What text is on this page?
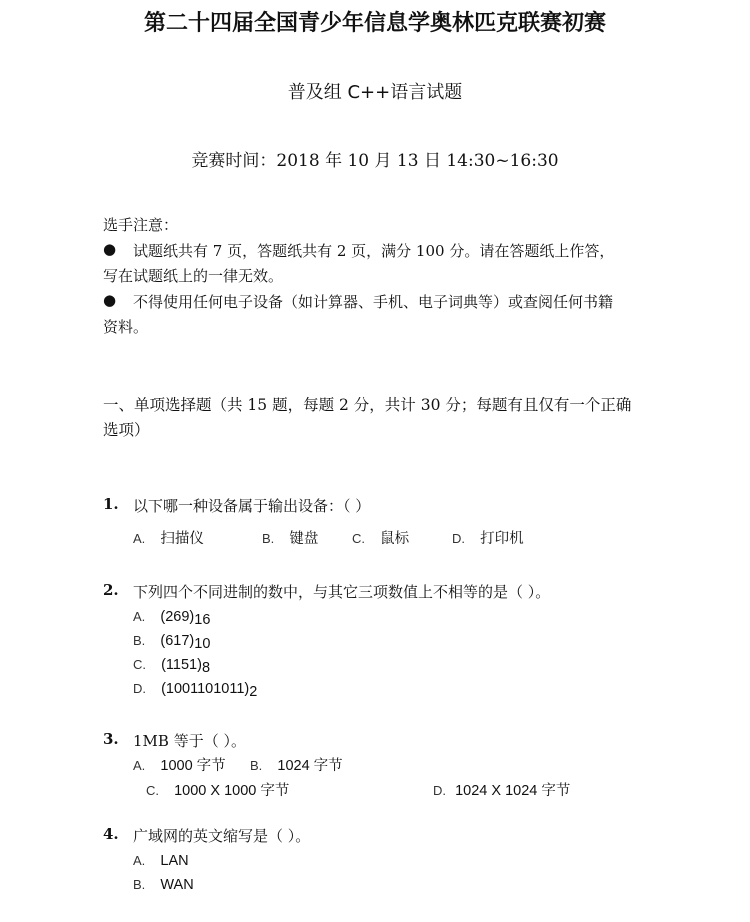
第二十四届全国青少年信息学奥林匹克联赛初赛
普及组 C++语言试题
竞赛时间：2018 年 10 月 13 日 14:30~16:30
选手注意：
● 试题纸共有 7 页，答题纸共有 2 页，满分 100 分。请在答题纸上作答，
写在试题纸上的一律无效。
● 不得使用任何电子设备（如计算器、手机、电子词典等）或查阅任何书籍
资料。
一、单项选择题（共 15 题，每题 2 分，共计 30 分；每题有且仅有一个正确
选项）
1. 以下哪一种设备属于输出设备：（ ）
A. 扫描仪	B. 键盘	C. 鼠标	D. 打印机
2. 下列四个不同进制的数中，与其它三项数值上不相等的是（ ）。
A. $(269)_{16}$
B. $(617)_{10}$
C. $(1151)_8$
D. $(1001101011)_2$
3. 1MB 等于（ ）。
A. 1000 字节 B. 1024 字节
C. 1000 X 1000 字节	D. 1024 X 1024 字节
4. 广域网的英文缩写是（ ）。
A. LAN
B. WAN
